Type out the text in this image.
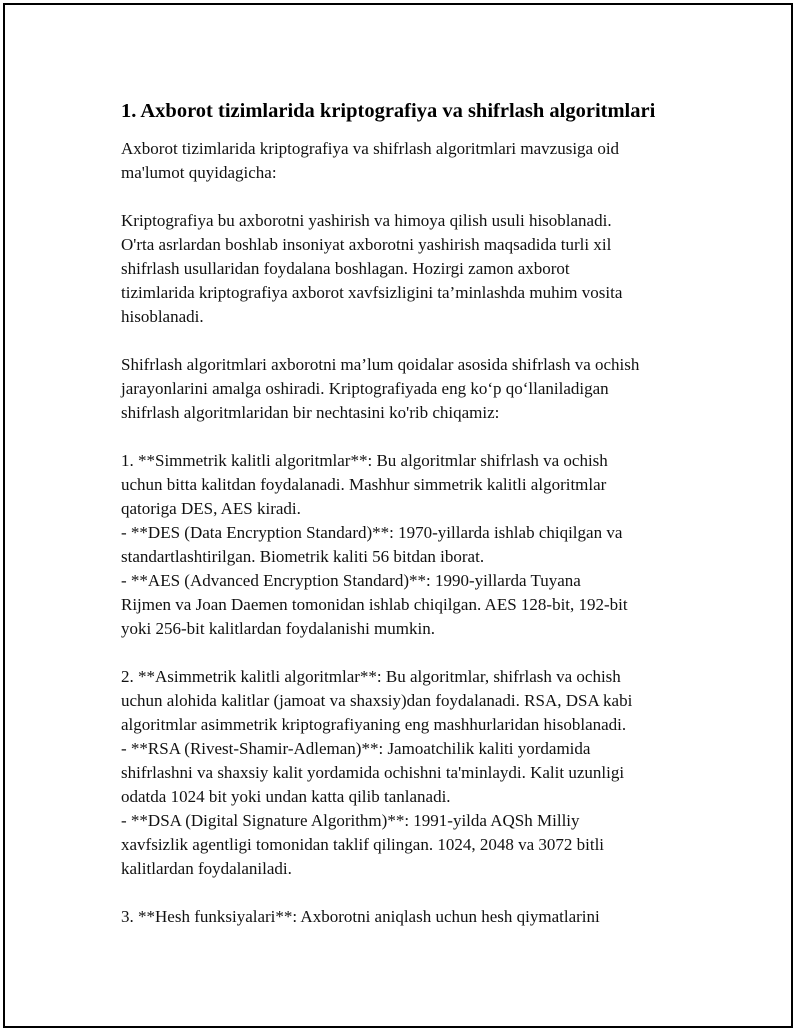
1. Axborot tizimlarida kriptografiya va shifrlash algoritmlari

Axborot tizimlarida kriptografiya va shifrlash algoritmlari mavzusiga oid
ma'lumot quyidagicha:

Kriptografiya bu axborotni yashirish va himoya qilish usuli hisoblanadi.
O'rta asrlardan boshlab insoniyat axborotni yashirish maqsadida turli xil
shifrlash usullaridan foydalana boshlagan. Hozirgi zamon axborot
tizimlarida kriptografiya axborot xavfsizligini ta’minlashda muhim vosita
hisoblanadi.

Shifrlash algoritmlari axborotni ma’lum qoidalar asosida shifrlash va ochish
jarayonlarini amalga oshiradi. Kriptografiyada eng ko‘p qo‘llaniladigan
shifrlash algoritmlaridan bir nechtasini ko'rib chiqamiz:

1. **Simmetrik kalitli algoritmlar**: Bu algoritmlar shifrlash va ochish
uchun bitta kalitdan foydalanadi. Mashhur simmetrik kalitli algoritmlar
qatoriga DES, AES kiradi.
- **DES (Data Encryption Standard)**: 1970-yillarda ishlab chiqilgan va
standartlashtirilgan. Biometrik kaliti 56 bitdan iborat.
- **AES (Advanced Encryption Standard)**: 1990-yillarda Tuyana
Rijmen va Joan Daemen tomonidan ishlab chiqilgan. AES 128-bit, 192-bit
yoki 256-bit kalitlardan foydalanishi mumkin.

2. **Asimmetrik kalitli algoritmlar**: Bu algoritmlar, shifrlash va ochish
uchun alohida kalitlar (jamoat va shaxsiy)dan foydalanadi. RSA, DSA kabi
algoritmlar asimmetrik kriptografiyaning eng mashhurlaridan hisoblanadi.
- **RSA (Rivest-Shamir-Adleman)**: Jamoatchilik kaliti yordamida
shifrlashni va shaxsiy kalit yordamida ochishni ta'minlaydi. Kalit uzunligi
odatda 1024 bit yoki undan katta qilib tanlanadi.
- **DSA (Digital Signature Algorithm)**: 1991-yilda AQSh Milliy
xavfsizlik agentligi tomonidan taklif qilingan. 1024, 2048 va 3072 bitli
kalitlardan foydalaniladi.

3. **Hesh funksiyalari**: Axborotni aniqlash uchun hesh qiymatlarini
